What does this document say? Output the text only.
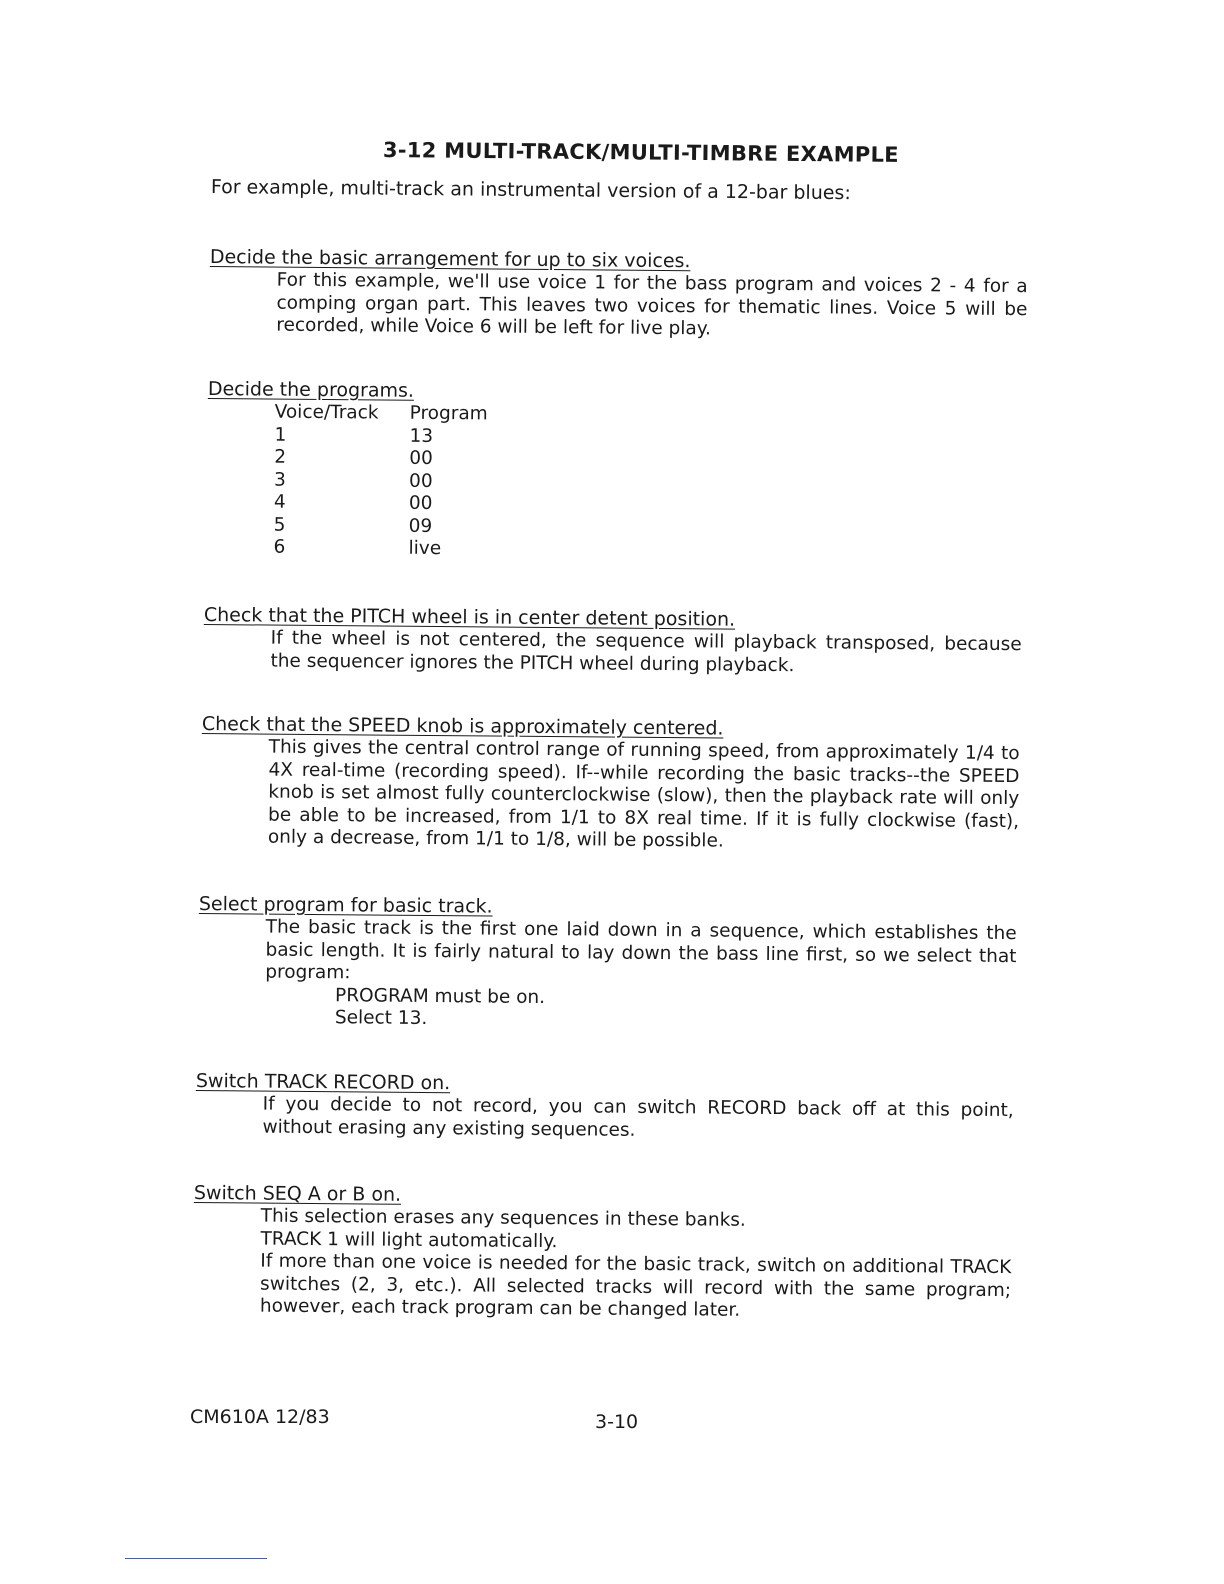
3-12 MULTI-TRACK/MULTI-TIMBRE EXAMPLE
For example, multi-track an instrumental version of a 12-bar blues:
Decide the basic arrangement for up to six voices.

For this example, we'll use voice 1 for the bass program and voices 2 - 4 for a comping organ part. This leaves two voices for thematic lines. Voice 5 will be recorded, while Voice 6 will be left for live play.

Decide the programs.
Voice/Track	Program
1	13
2	00
3	00
4	00
5	09
6	live
Check that the PITCH wheel is in center detent position.

If the wheel is not centered, the sequence will playback transposed, because the sequencer ignores the PITCH wheel during playback.

Check that the SPEED knob is approximately centered.

This gives the central control range of running speed, from approximately 1/4 to 4X real-time (recording speed). If--while recording the basic tracks--the SPEED knob is set almost fully counterclockwise (slow), then the playback rate will only be able to be increased, from 1/1 to 8X real time. If it is fully clockwise (fast), only a decrease, from 1/1 to 1/8, will be possible.

Select program for basic track.

The basic track is the first one laid down in a sequence, which establishes the basic length. It is fairly natural to lay down the bass line first, so we select that program:

PROGRAM must be on.
Select 13.
Switch TRACK RECORD on.

If you decide to not record, you can switch RECORD back off at this point, without erasing any existing sequences.

Switch SEQ A or B on.

This selection erases any sequences in these banks.

TRACK 1 will light automatically.

If more than one voice is needed for the basic track, switch on additional TRACK switches (2, 3, etc.). All selected tracks will record with the same program; however, each track program can be changed later.

CM610A 12/83	3-10
